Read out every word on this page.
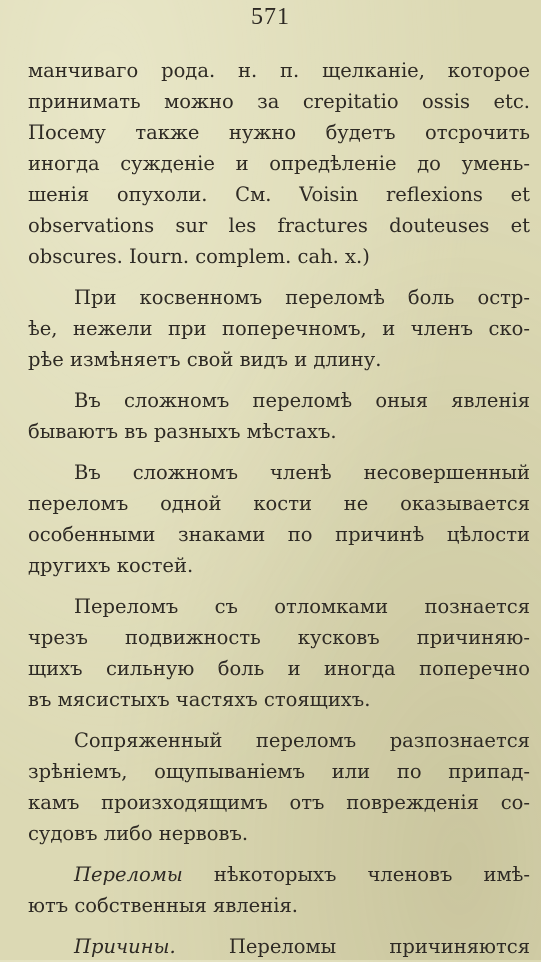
571
манчиваго рода. н. п. щелканіе, которое
принимать можно за crepitatio ossis etc.
Посему также нужно будетъ отсрочить
иногда сужденіе и опредѣленіе до умень-
шенія опухоли. См. Voisin reflexions et
observations sur les fractures douteuses et
obscures. Iourn. complem. cah. x.)
При косвенномъ переломѣ боль остр-
ѣе, нежели при поперечномъ, и членъ ско-
рѣе измѣняетъ свой видъ и длину.
Въ сложномъ переломѣ оныя явленія
бываютъ въ разныхъ мѣстахъ.
Въ сложномъ членѣ несовершенный
переломъ одной кости не оказывается
особенными знаками по причинѣ цѣлости
другихъ костей.
Переломъ съ отломками познается
чрезъ подвижность кусковъ причиняю-
щихъ сильную боль и иногда поперечно
въ мясистыхъ частяхъ стоящихъ.
Сопряженный переломъ разпознается
зрѣніемъ, ощупываніемъ или по припад-
камъ произходящимъ отъ поврежденія со-
судовъ либо нервовъ.
Переломы нѣкоторыхъ членовъ имѣ-
ютъ собственныя явленія.
Причины. Переломы причиняются
